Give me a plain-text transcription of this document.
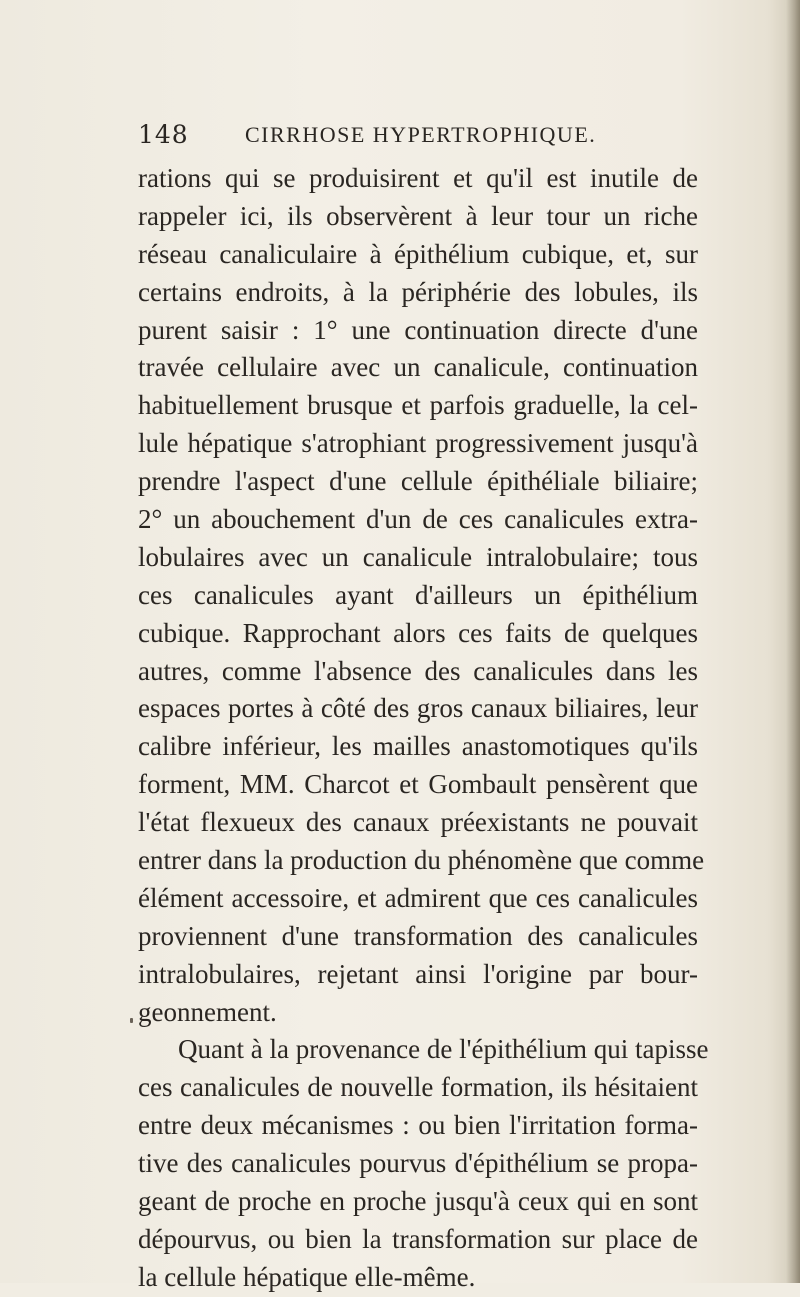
148	CIRRHOSE HYPERTROPHIQUE.
rations qui se produisirent et qu'il est inutile de
rappeler ici, ils observèrent à leur tour un riche
réseau canaliculaire à épithélium cubique, et, sur
certains endroits, à la périphérie des lobules, ils
purent saisir : 1° une continuation directe d'une
travée cellulaire avec un canalicule, continuation
habituellement brusque et parfois graduelle, la cel-
lule hépatique s'atrophiant progressivement jusqu'à
prendre l'aspect d'une cellule épithéliale biliaire;
2° un abouchement d'un de ces canalicules extra-
lobulaires avec un canalicule intralobulaire; tous
ces canalicules ayant d'ailleurs un épithélium
cubique. Rapprochant alors ces faits de quelques
autres, comme l'absence des canalicules dans les
espaces portes à côté des gros canaux biliaires, leur
calibre inférieur, les mailles anastomotiques qu'ils
forment, MM. Charcot et Gombault pensèrent que
l'état flexueux des canaux préexistants ne pouvait
entrer dans la production du phénomène que comme
élément accessoire, et admirent que ces canalicules
proviennent d'une transformation des canalicules
intralobulaires, rejetant ainsi l'origine par bour-
geonnement.
Quant à la provenance de l'épithélium qui tapisse
ces canalicules de nouvelle formation, ils hésitaient
entre deux mécanismes : ou bien l'irritation forma-
tive des canalicules pourvus d'épithélium se propa-
geant de proche en proche jusqu'à ceux qui en sont
dépourvus, ou bien la transformation sur place de
la cellule hépatique elle-même.
